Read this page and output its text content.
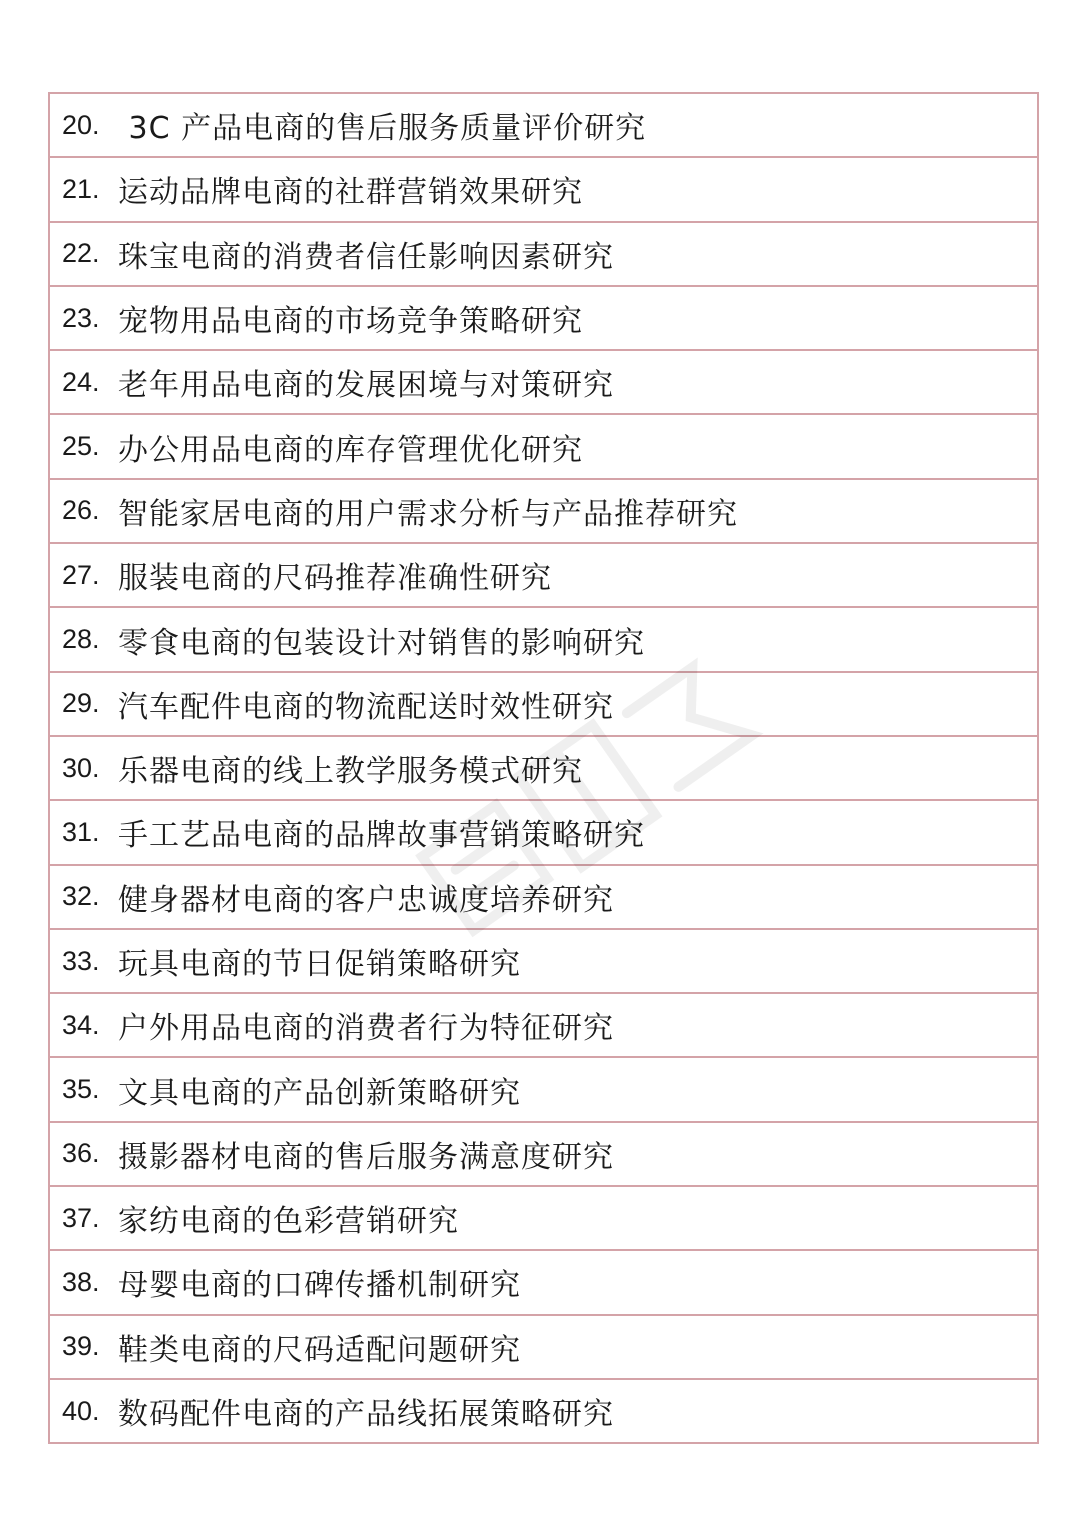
20. 3C 产品电商的售后服务质量评价研究
21. 运动品牌电商的社群营销效果研究
22. 珠宝电商的消费者信任影响因素研究
23. 宠物用品电商的市场竞争策略研究
24. 老年用品电商的发展困境与对策研究
25. 办公用品电商的库存管理优化研究
26. 智能家居电商的用户需求分析与产品推荐研究
27. 服装电商的尺码推荐准确性研究
28. 零食电商的包装设计对销售的影响研究
29. 汽车配件电商的物流配送时效性研究
30. 乐器电商的线上教学服务模式研究
31. 手工艺品电商的品牌故事营销策略研究
32. 健身器材电商的客户忠诚度培养研究
33. 玩具电商的节日促销策略研究
34. 户外用品电商的消费者行为特征研究
35. 文具电商的产品创新策略研究
36. 摄影器材电商的售后服务满意度研究
37. 家纺电商的色彩营销研究
38. 母婴电商的口碑传播机制研究
39. 鞋类电商的尺码适配问题研究
40. 数码配件电商的产品线拓展策略研究
